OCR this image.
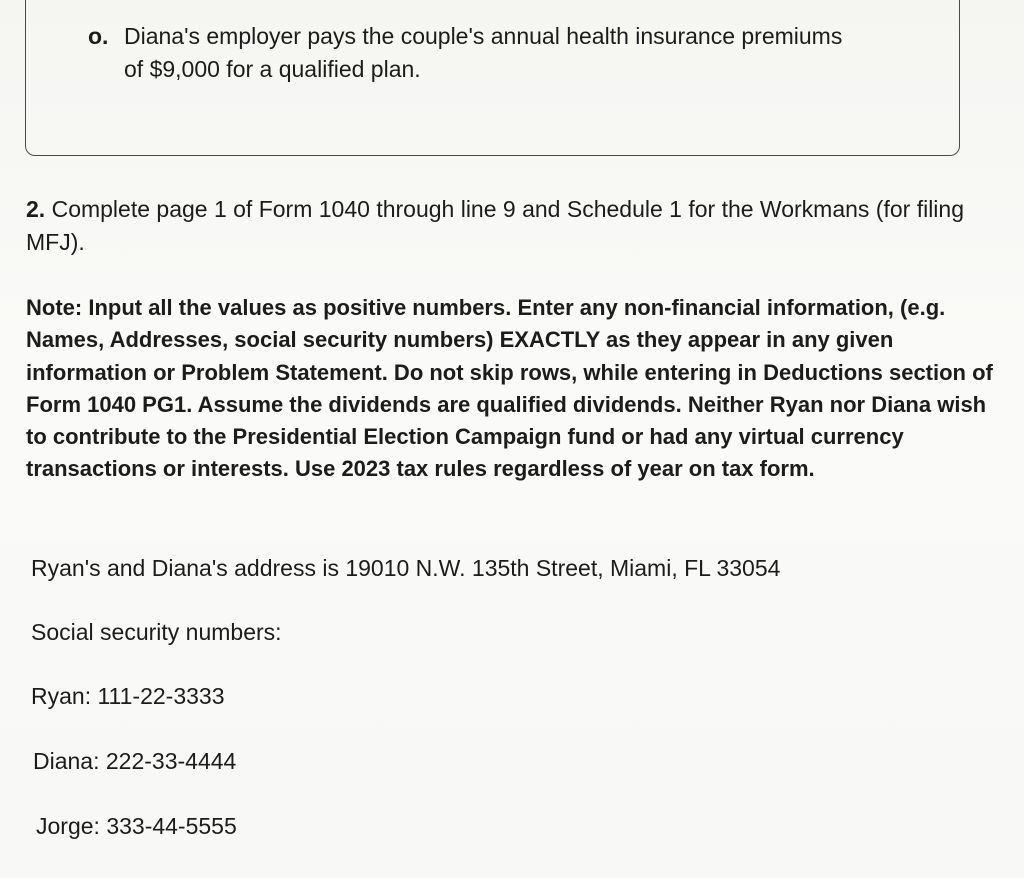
o. Diana's employer pays the couple's annual health insurance premiums of $9,000 for a qualified plan.
2. Complete page 1 of Form 1040 through line 9 and Schedule 1 for the Workmans (for filing MFJ).
Note: Input all the values as positive numbers. Enter any non-financial information, (e.g. Names, Addresses, social security numbers) EXACTLY as they appear in any given information or Problem Statement. Do not skip rows, while entering in Deductions section of Form 1040 PG1. Assume the dividends are qualified dividends. Neither Ryan nor Diana wish to contribute to the Presidential Election Campaign fund or had any virtual currency transactions or interests. Use 2023 tax rules regardless of year on tax form.
Ryan's and Diana's address is 19010 N.W. 135th Street, Miami, FL 33054
Social security numbers:
Ryan: 111-22-3333
Diana: 222-33-4444
Jorge: 333-44-5555
